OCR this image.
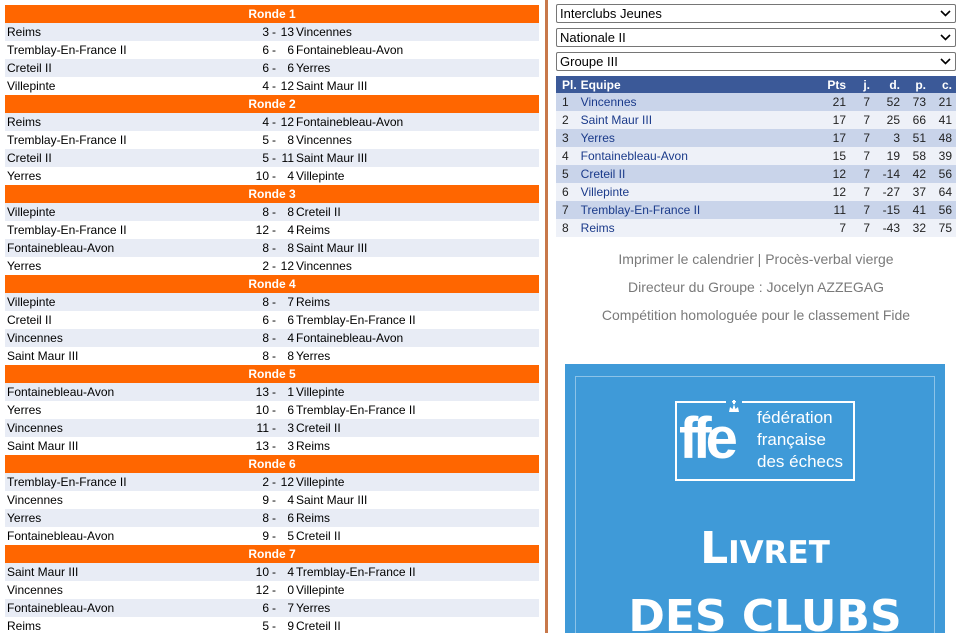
Ronde 1
Reims	3 - 13 Vincennes
Tremblay-En-France II	6 - 6 Fontainebleau-Avon
Creteil II	6 - 6 Yerres
Villepinte	4 - 12 Saint Maur III
Ronde 2
Reims	4 - 12 Fontainebleau-Avon
Tremblay-En-France II	5 - 8 Vincennes
Creteil II	5 - 11 Saint Maur III
Yerres	10 - 4 Villepinte
Ronde 3
Villepinte	8 - 8 Creteil II
Tremblay-En-France II	12 - 4 Reims
Fontainebleau-Avon	8 - 8 Saint Maur III
Yerres	2 - 12 Vincennes
Ronde 4
Villepinte	8 - 7 Reims
Creteil II	6 - 6 Tremblay-En-France II
Vincennes	8 - 4 Fontainebleau-Avon
Saint Maur III	8 - 8 Yerres
Ronde 5
Fontainebleau-Avon	13 - 1 Villepinte
Yerres	10 - 6 Tremblay-En-France II
Vincennes	11 - 3 Creteil II
Saint Maur III	13 - 3 Reims
Ronde 6
Tremblay-En-France II	2 - 12 Villepinte
Vincennes	9 - 4 Saint Maur III
Yerres	8 - 6 Reims
Fontainebleau-Avon	9 - 5 Creteil II
Ronde 7
Saint Maur III	10 - 4 Tremblay-En-France II
Vincennes	12 - 0 Villepinte
Fontainebleau-Avon	6 - 7 Yerres
Reims	5 - 9 Creteil II
Interclubs Jeunes
Nationale II
Groupe III
Pl.	Equipe	Pts	j.	d.	p.	c.
1	Vincennes	21	7	52	73	21
2	Saint Maur III	17	7	25	66	41
3	Yerres	17	7	3	51	48
4	Fontainebleau-Avon	15	7	19	58	39
5	Creteil II	12	7	-14	42	56
6	Villepinte	12	7	-27	37	64
7	Tremblay-En-France II	11	7	-15	41	56
8	Reims	7	7	-43	32	75
Imprimer le calendrier | Procès-verbal vierge
Directeur du Groupe : Jocelyn AZZEGAG
Compétition homologuée pour le classement Fide
ffe fédération
française
des échecs
Livret
DES CLUBS
